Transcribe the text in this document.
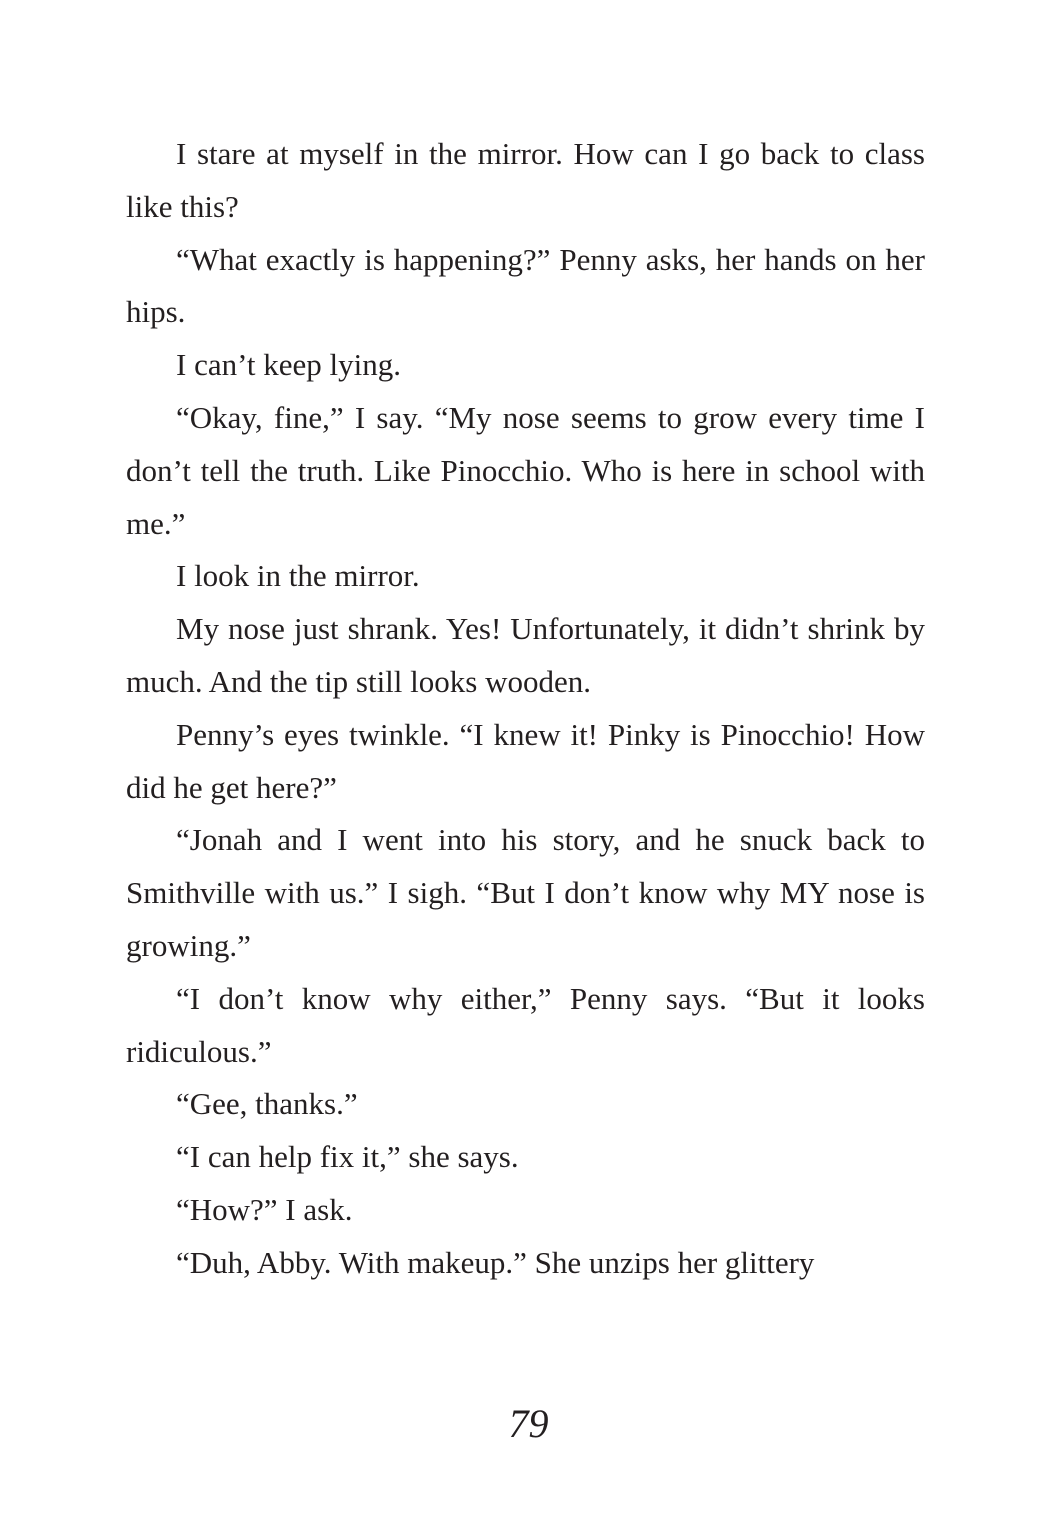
I stare at myself in the mirror. How can I go back to class like this?

“What exactly is happening?” Penny asks, her hands on her hips.

I can’t keep lying.

“Okay, fine,” I say. “My nose seems to grow every time I don’t tell the truth. Like Pinocchio. Who is here in school with me.”

I look in the mirror.

My nose just shrank. Yes! Unfortunately, it didn’t shrink by much. And the tip still looks wooden.

Penny’s eyes twinkle. “I knew it! Pinky is Pinocchio! How did he get here?”

“Jonah and I went into his story, and he snuck back to Smithville with us.” I sigh. “But I don’t know why MY nose is growing.”

“I don’t know why either,” Penny says. “But it looks ridiculous.”

“Gee, thanks.”

“I can help fix it,” she says.

“How?” I ask.

“Duh, Abby. With makeup.” She unzips her glittery

79
